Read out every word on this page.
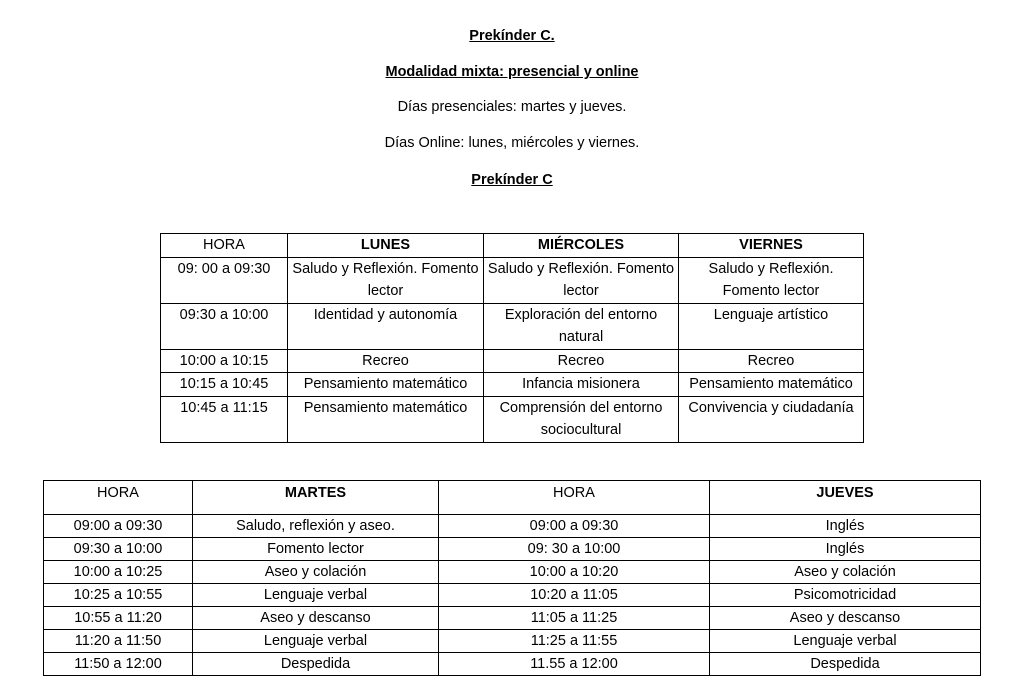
Prekínder C.
Modalidad mixta: presencial y online
Días presenciales: martes y jueves.
Días Online: lunes, miércoles y viernes.
Prekínder C
HORA	LUNES	MIÉRCOLES	VIERNES
09: 00 a 09:30	Saludo y Reflexión. Fomento lector	Saludo y Reflexión. Fomento lector	Saludo y Reflexión. Fomento lector
09:30 a 10:00	Identidad y autonomía	Exploración del entorno natural	Lenguaje artístico
10:00 a 10:15	Recreo	Recreo	Recreo
10:15 a 10:45	Pensamiento matemático	Infancia misionera	Pensamiento matemático
10:45 a 11:15	Pensamiento matemático	Comprensión del entorno sociocultural	Convivencia y ciudadanía
HORA	MARTES	HORA	JUEVES
09:00 a 09:30	Saludo, reflexión y aseo.	09:00 a 09:30	Inglés
09:30 a 10:00	Fomento lector	09: 30 a 10:00	Inglés
10:00 a 10:25	Aseo y colación	10:00 a 10:20	Aseo y colación
10:25 a 10:55	Lenguaje verbal	10:20 a 11:05	Psicomotricidad
10:55 a 11:20	Aseo y descanso	11:05 a 11:25	Aseo y descanso
11:20 a 11:50	Lenguaje verbal	11:25 a 11:55	Lenguaje verbal
11:50 a 12:00	Despedida	11.55 a 12:00	Despedida
